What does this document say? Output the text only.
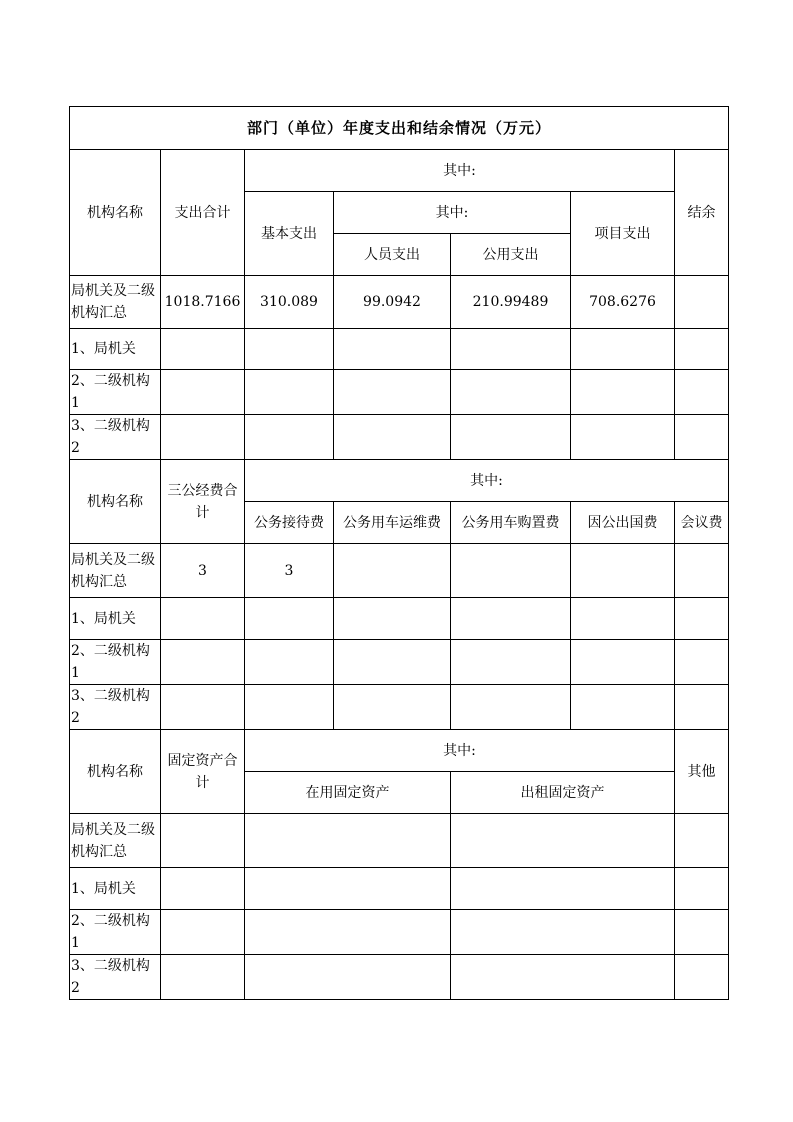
部门（单位）年度支出和结余情况（万元）						
机构名称	支出合计	其中:				结余
		基本支出	其中:		项目支出	
			人员支出	公用支出		
局机关及二级机构汇总	1018.7166	310.089	99.0942	210.99489	708.6276	
1、局机关						
2、二级机构 1						
3、二级机构 2						
机构名称	三公经费合计	其中:				
		公务接待费	公务用车运维费	公务用车购置费	因公出国费	会议费
局机关及二级机构汇总	3	3				
1、局机关						
2、二级机构 1						
3、二级机构 2						
机构名称	固定资产合计	其中:				其他
		在用固定资产		出租固定资产		
局机关及二级机构汇总						
1、局机关						
2、二级机构 1						
3、二级机构 2						
